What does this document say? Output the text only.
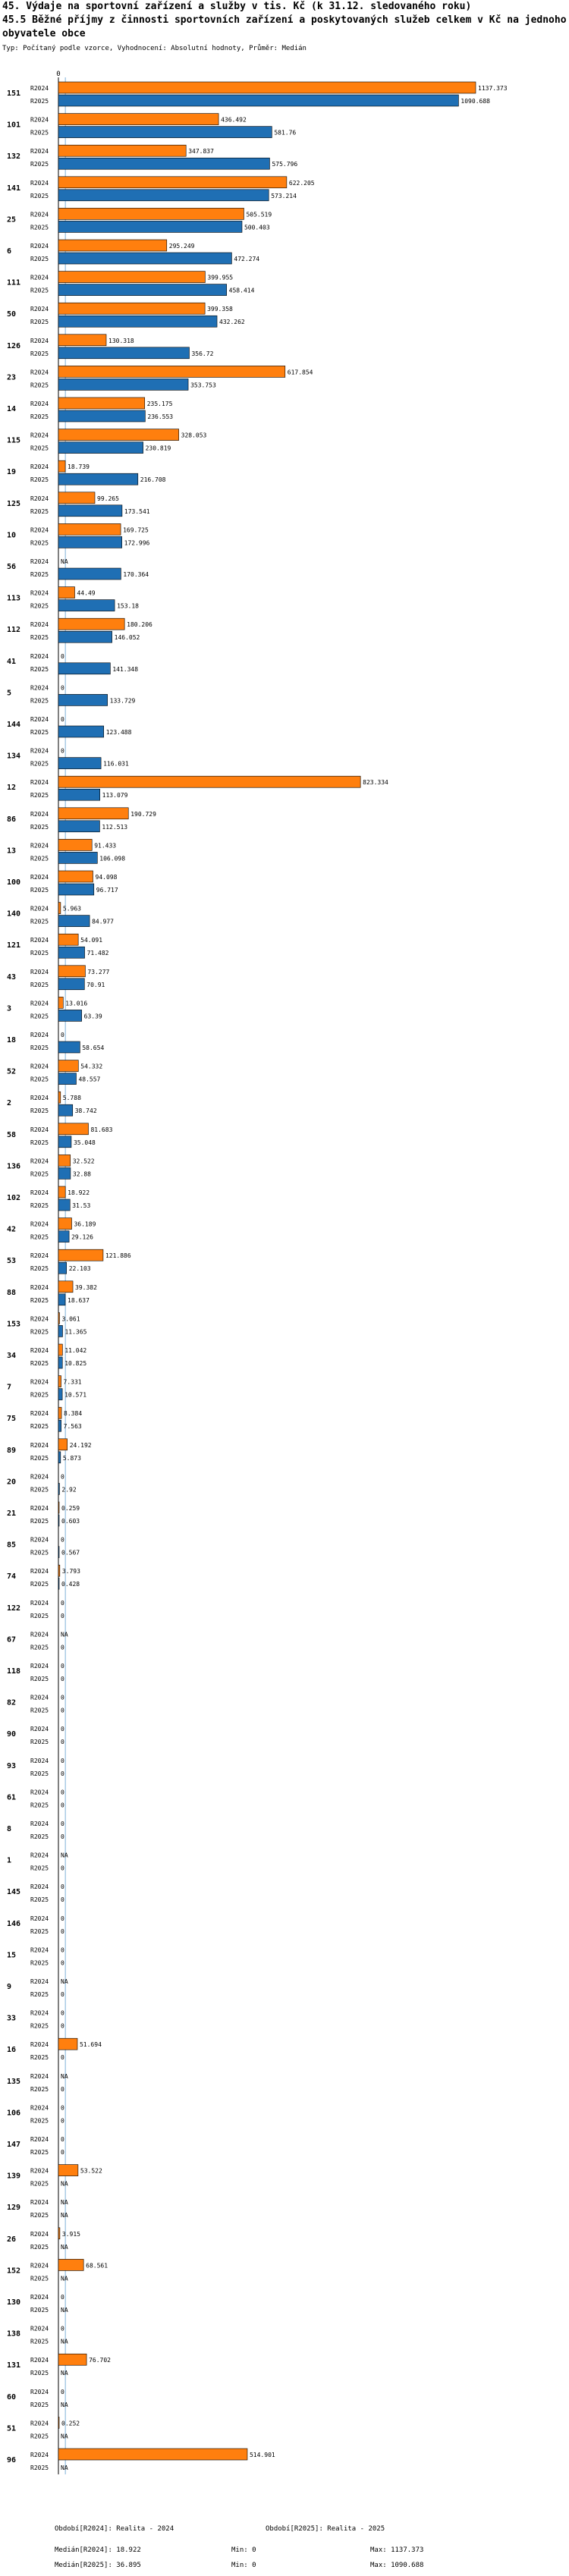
45. Výdaje na sportovní zařízení a služby v tis. Kč (k 31.12. sledovaného roku)
45.5 Běžné příjmy z činnosti sportovních zařízení a poskytovaných služeb celkem v Kč na jednoho obyvatele obce
Typ: Počítaný podle vzorce, Vyhodnocení: Absolutní hodnoty, Průměr: Medián
0
151
R2024	1137.373
R2025	1090.688
101
R2024	436.492
R2025	581.76
132
R2024	347.837
R2025	575.796
141
R2024	622.205
R2025	573.214
25
R2024	505.519
R2025	500.403
6
R2024	295.249
R2025	472.274
111
R2024	399.955
R2025	458.414
50
R2024	399.358
R2025	432.262
126
R2024	130.318
R2025	356.72
23
R2024	617.854
R2025	353.753
14
R2024	235.175
R2025	236.553
115
R2024	328.053
R2025	230.819
19
R2024	18.739
R2025	216.708
125
R2024	99.265
R2025	173.541
10
R2024	169.725
R2025	172.996
56
R2024 NA
R2025	170.364
113
R2024	44.49
R2025	153.18
112
R2024	180.206
R2025	146.052
41
R2024 0
R2025	141.348
5
R2024 0
R2025	133.729
144
R2024 0
R2025	123.488
134
R2024 0
R2025	116.031
12
R2024	823.334
R2025	113.079
86
R2024	190.729
R2025	112.513
13
R2024	91.433
R2025	106.098
100
R2024	94.098
R2025	96.717
140
R2024 5.963
R2025	84.977
121
R2024	54.091
R2025	71.482
43
R2024	73.277
R2025	70.91
3
R2024	13.016
R2025	63.39
18
R2024 0
R2025	58.654
52
R2024	54.332
R2025	48.557
2
R2024 5.788
R2025	38.742
58
R2024	81.683
R2025	35.048
136
R2024	32.522
R2025	32.88
102
R2024	18.922
R2025	31.53
42
R2024	36.189
R2025	29.126
53
R2024	121.886
R2025	22.103
88
R2024	39.382
R2025	18.637
153
R2024 3.061
R2025	11.365
34
R2024	11.042
R2025	10.825
7
R2024 7.331
R2025	10.571
75
R2024 8.384
R2025 7.563
89
R2024	24.192
R2025 5.873
20
R2024 0
R2025 2.92
21
R2024 0.259
R2025 0.603
85
R2024 0
R2025 0.567
74
R2024 3.793
R2025 0.428
122
R2024 0
R2025 0
67
R2024 NA
R2025 0
118
R2024 0
R2025 0
82
R2024 0
R2025 0
90
R2024 0
R2025 0
93
R2024 0
R2025 0
61
R2024 0
R2025 0
8
R2024 0
R2025 0
1
R2024 NA
R2025 0
145
R2024 0
R2025 0
146
R2024 0
R2025 0
15
R2024 0
R2025 0
9
R2024 NA
R2025 0
33
R2024 0
R2025 0
16
R2024	51.694
R2025 0
135
R2024 NA
R2025 0
106
R2024 0
R2025 0
147
R2024 0
R2025 0
139
R2024	53.522
R2025 NA
129
R2024 NA
R2025 NA
26
R2024 3.915
R2025 NA
152
R2024	68.561
R2025 NA
130
R2024 0
R2025 NA
138
R2024 0
R2025 NA
131
R2024	76.702
R2025 NA
60
R2024 0
R2025 NA
51
R2024 0.252
R2025 NA
96
R2024	514.901
R2025 NA
Období[R2024]: Realita - 2024	Období[R2025]: Realita - 2025
Medián[R2024]: 18.922	Min: 0	Max: 1137.373
Medián[R2025]: 36.895	Min: 0	Max: 1090.688
